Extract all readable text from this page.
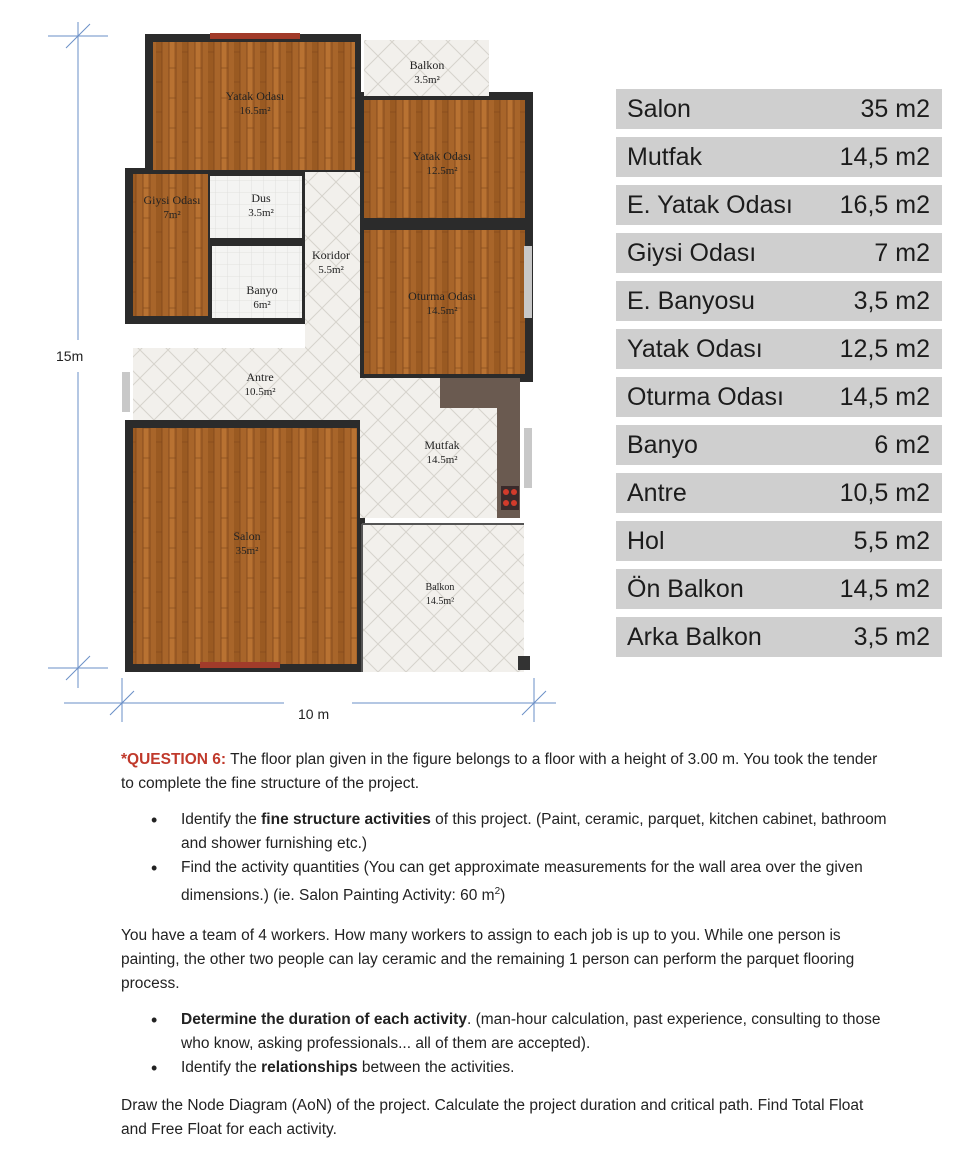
15m
10 m
Yatak Odası
16.5m²
Balkon
3.5m²
Yatak Odası
12.5m²
Giysi Odası
7m²
Dus
3.5m²
Koridor
5.5m²
Banyo
6m²
Oturma Odası
14.5m²
Antre
10.5m²
Mutfak
14.5m²
Salon
35m²
Balkon
14.5m²
Salon	35 m2
Mutfak	14,5 m2
E. Yatak Odası 16,5 m2
Giysi Odası	7 m2
E. Banyosu	3,5 m2
Yatak Odası	12,5 m2
Oturma Odası 14,5 m2
Banyo	6 m2
Antre	10,5 m2
Hol	5,5 m2
Ön Balkon	14,5 m2
Arka Balkon	3,5 m2

*QUESTION 6: The floor plan given in the figure belongs to a floor with a height of 3.00 m. You took the tender to complete the fine structure of the project.

• Identify the fine structure activities of this project. (Paint, ceramic, parquet, kitchen cabinet, bathroom and shower furnishing etc.)
• Find the activity quantities (You can get approximate measurements for the wall area over the given dimensions.) (ie. Salon Painting Activity: 60 $m^2$)

You have a team of 4 workers. How many workers to assign to each job is up to you. While one person is painting, the other two people can lay ceramic and the remaining 1 person can perform the parquet flooring process.

• Determine the duration of each activity. (man-hour calculation, past experience, consulting to those who know, asking professionals... all of them are accepted).
• Identify the relationships between the activities.

Draw the Node Diagram (AoN) of the project. Calculate the project duration and critical path. Find Total Float and Free Float for each activity.
